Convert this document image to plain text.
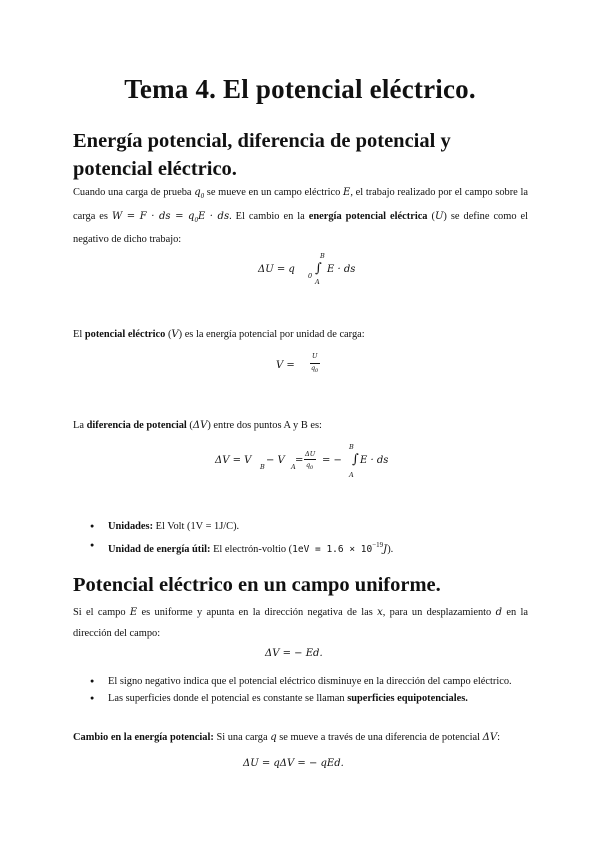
Tema 4. El potencial eléctrico.
Energía potencial, diferencia de potencial y potencial eléctrico.

Cuando una carga de prueba $q_0$ se mueve en un campo eléctrico E, el trabajo realizado por el campo sobre la carga es W = F · ds = $q_0E$ · ds. El cambio en la energía potencial eléctrica (U) se define como el negativo de dicho trabajo:

ΔU = q
0 ∫
B
A
E · ds

El potencial eléctrico (V) es la energía potencial por unidad de carga:

V =
U
q 0

La diferencia de potencial (ΔV) entre dos puntos A y B es:

ΔV = V
B
− V
A
=
ΔU
q 0
= − ∫
B
A
E · ds
● Unidades: El Volt (1V = 1J/C).
● Unidad de energía útil: El electrón-voltio $(1eV = 1.6 \times 10^{-19}J)$.
Potencial eléctrico en un campo uniforme.

Si el campo E es uniforme y apunta en la dirección negativa de las x, para un desplazamiento d en la dirección del campo:

ΔV = − Ed.
● El signo negativo indica que el potencial eléctrico disminuye en la dirección del campo eléctrico.
● Las superficies donde el potencial es constante se llaman superficies equipotenciales.

Cambio en la energía potencial: Si una carga q se mueve a través de una diferencia de potencial ΔV:

ΔU = qΔV = − qEd.
